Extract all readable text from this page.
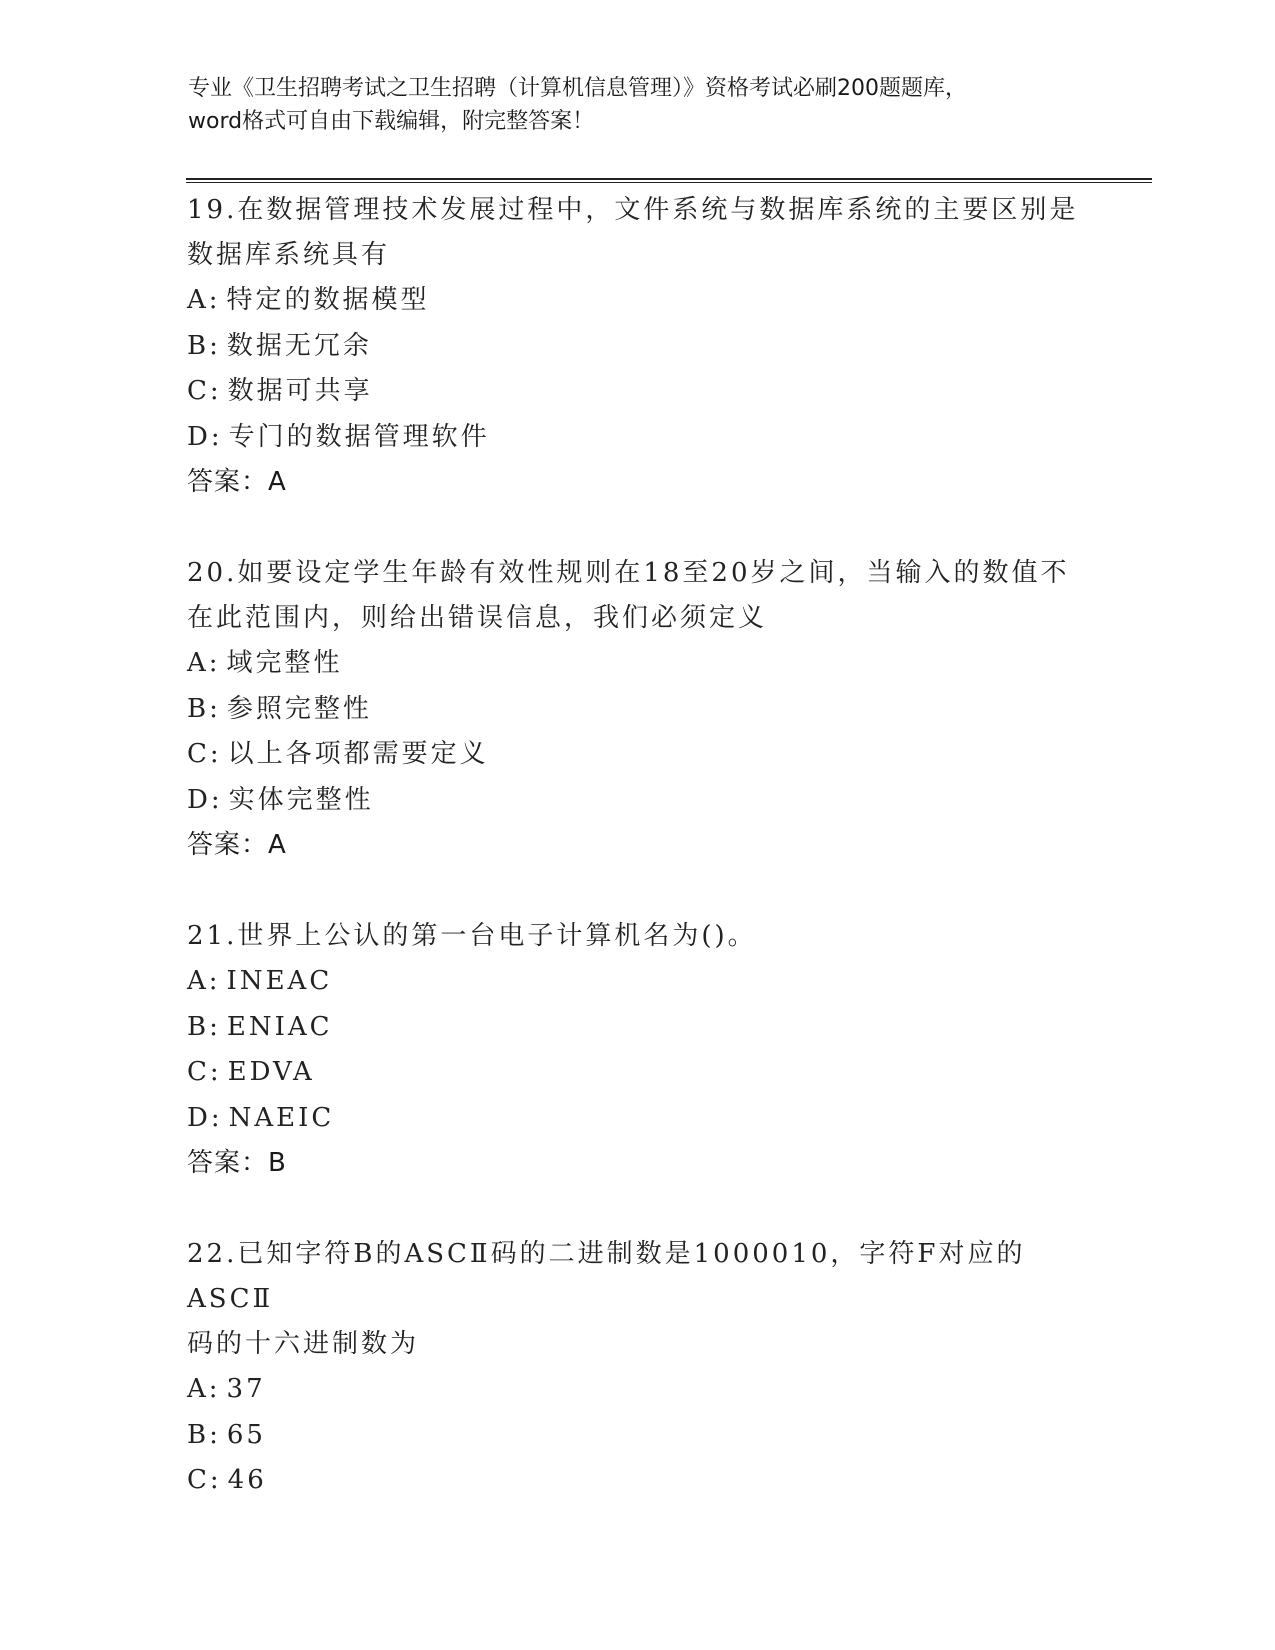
专业《卫生招聘考试之卫生招聘（计算机信息管理）》资格考试必刷200题题库，
word格式可自由下载编辑，附完整答案！

19.在数据管理技术发展过程中，文件系统与数据库系统的主要区别是

数据库系统具有

A: 特定的数据模型

B: 数据无冗余

C: 数据可共享

D: 专门的数据管理软件

答案：A

20.如要设定学生年龄有效性规则在18至20岁之间，当输入的数值不

在此范围内，则给出错误信息，我们必须定义

A: 域完整性

B: 参照完整性

C: 以上各项都需要定义

D: 实体完整性

答案：A

21.世界上公认的第一台电子计算机名为()。

A: INEAC

B: ENIAC

C: EDVA

D: NAEIC

答案：B

22.已知字符B的ASCⅡ码的二进制数是1000010，字符F对应的ASCⅡ

码的十六进制数为

A: 37

B: 65

C: 46
